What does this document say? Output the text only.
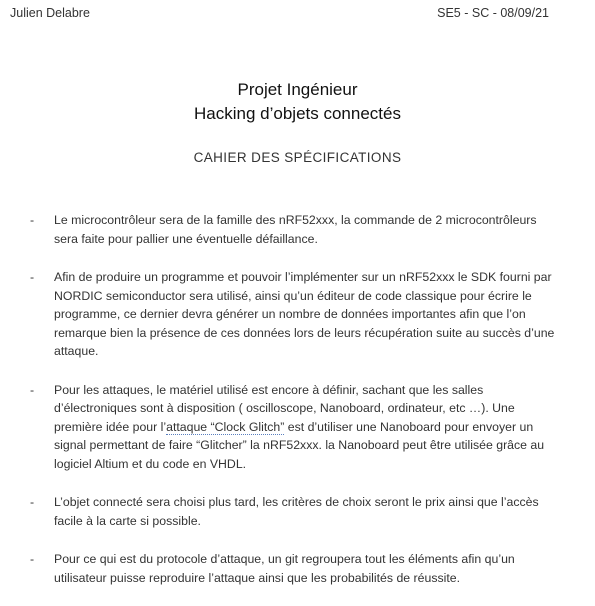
Julien Delabre	SE5 - SC - 08/09/21
Projet Ingénieur
Hacking d’objets connectés
CAHIER DES SPÉCIFICATIONS
- Le microcontrôleur sera de la famille des nRF52xxx, la commande de 2 microcontrôleurs sera faite pour pallier une éventuelle défaillance.
- Afin de produire un programme et pouvoir l’implémenter sur un nRF52xxx le SDK fourni par NORDIC semiconductor sera utilisé, ainsi qu’un éditeur de code classique pour écrire le programme, ce dernier devra générer un nombre de données importantes afin que l’on remarque bien la présence de ces données lors de leurs récupération suite au succès d’une attaque.
- Pour les attaques, le matériel utilisé est encore à définir, sachant que les salles d’électroniques sont à disposition ( oscilloscope, Nanoboard, ordinateur, etc …). Une première idée pour l’attaque “Clock Glitch” est d’utiliser une Nanoboard pour envoyer un signal permettant de faire “Glitcher” la nRF52xxx. la Nanoboard peut être utilisée grâce au logiciel Altium et du code en VHDL.
- L’objet connecté sera choisi plus tard, les critères de choix seront le prix ainsi que l’accès facile à la carte si possible.
- Pour ce qui est du protocole d’attaque, un git regroupera tout les éléments afin qu’un utilisateur puisse reproduire l’attaque ainsi que les probabilités de réussite.
